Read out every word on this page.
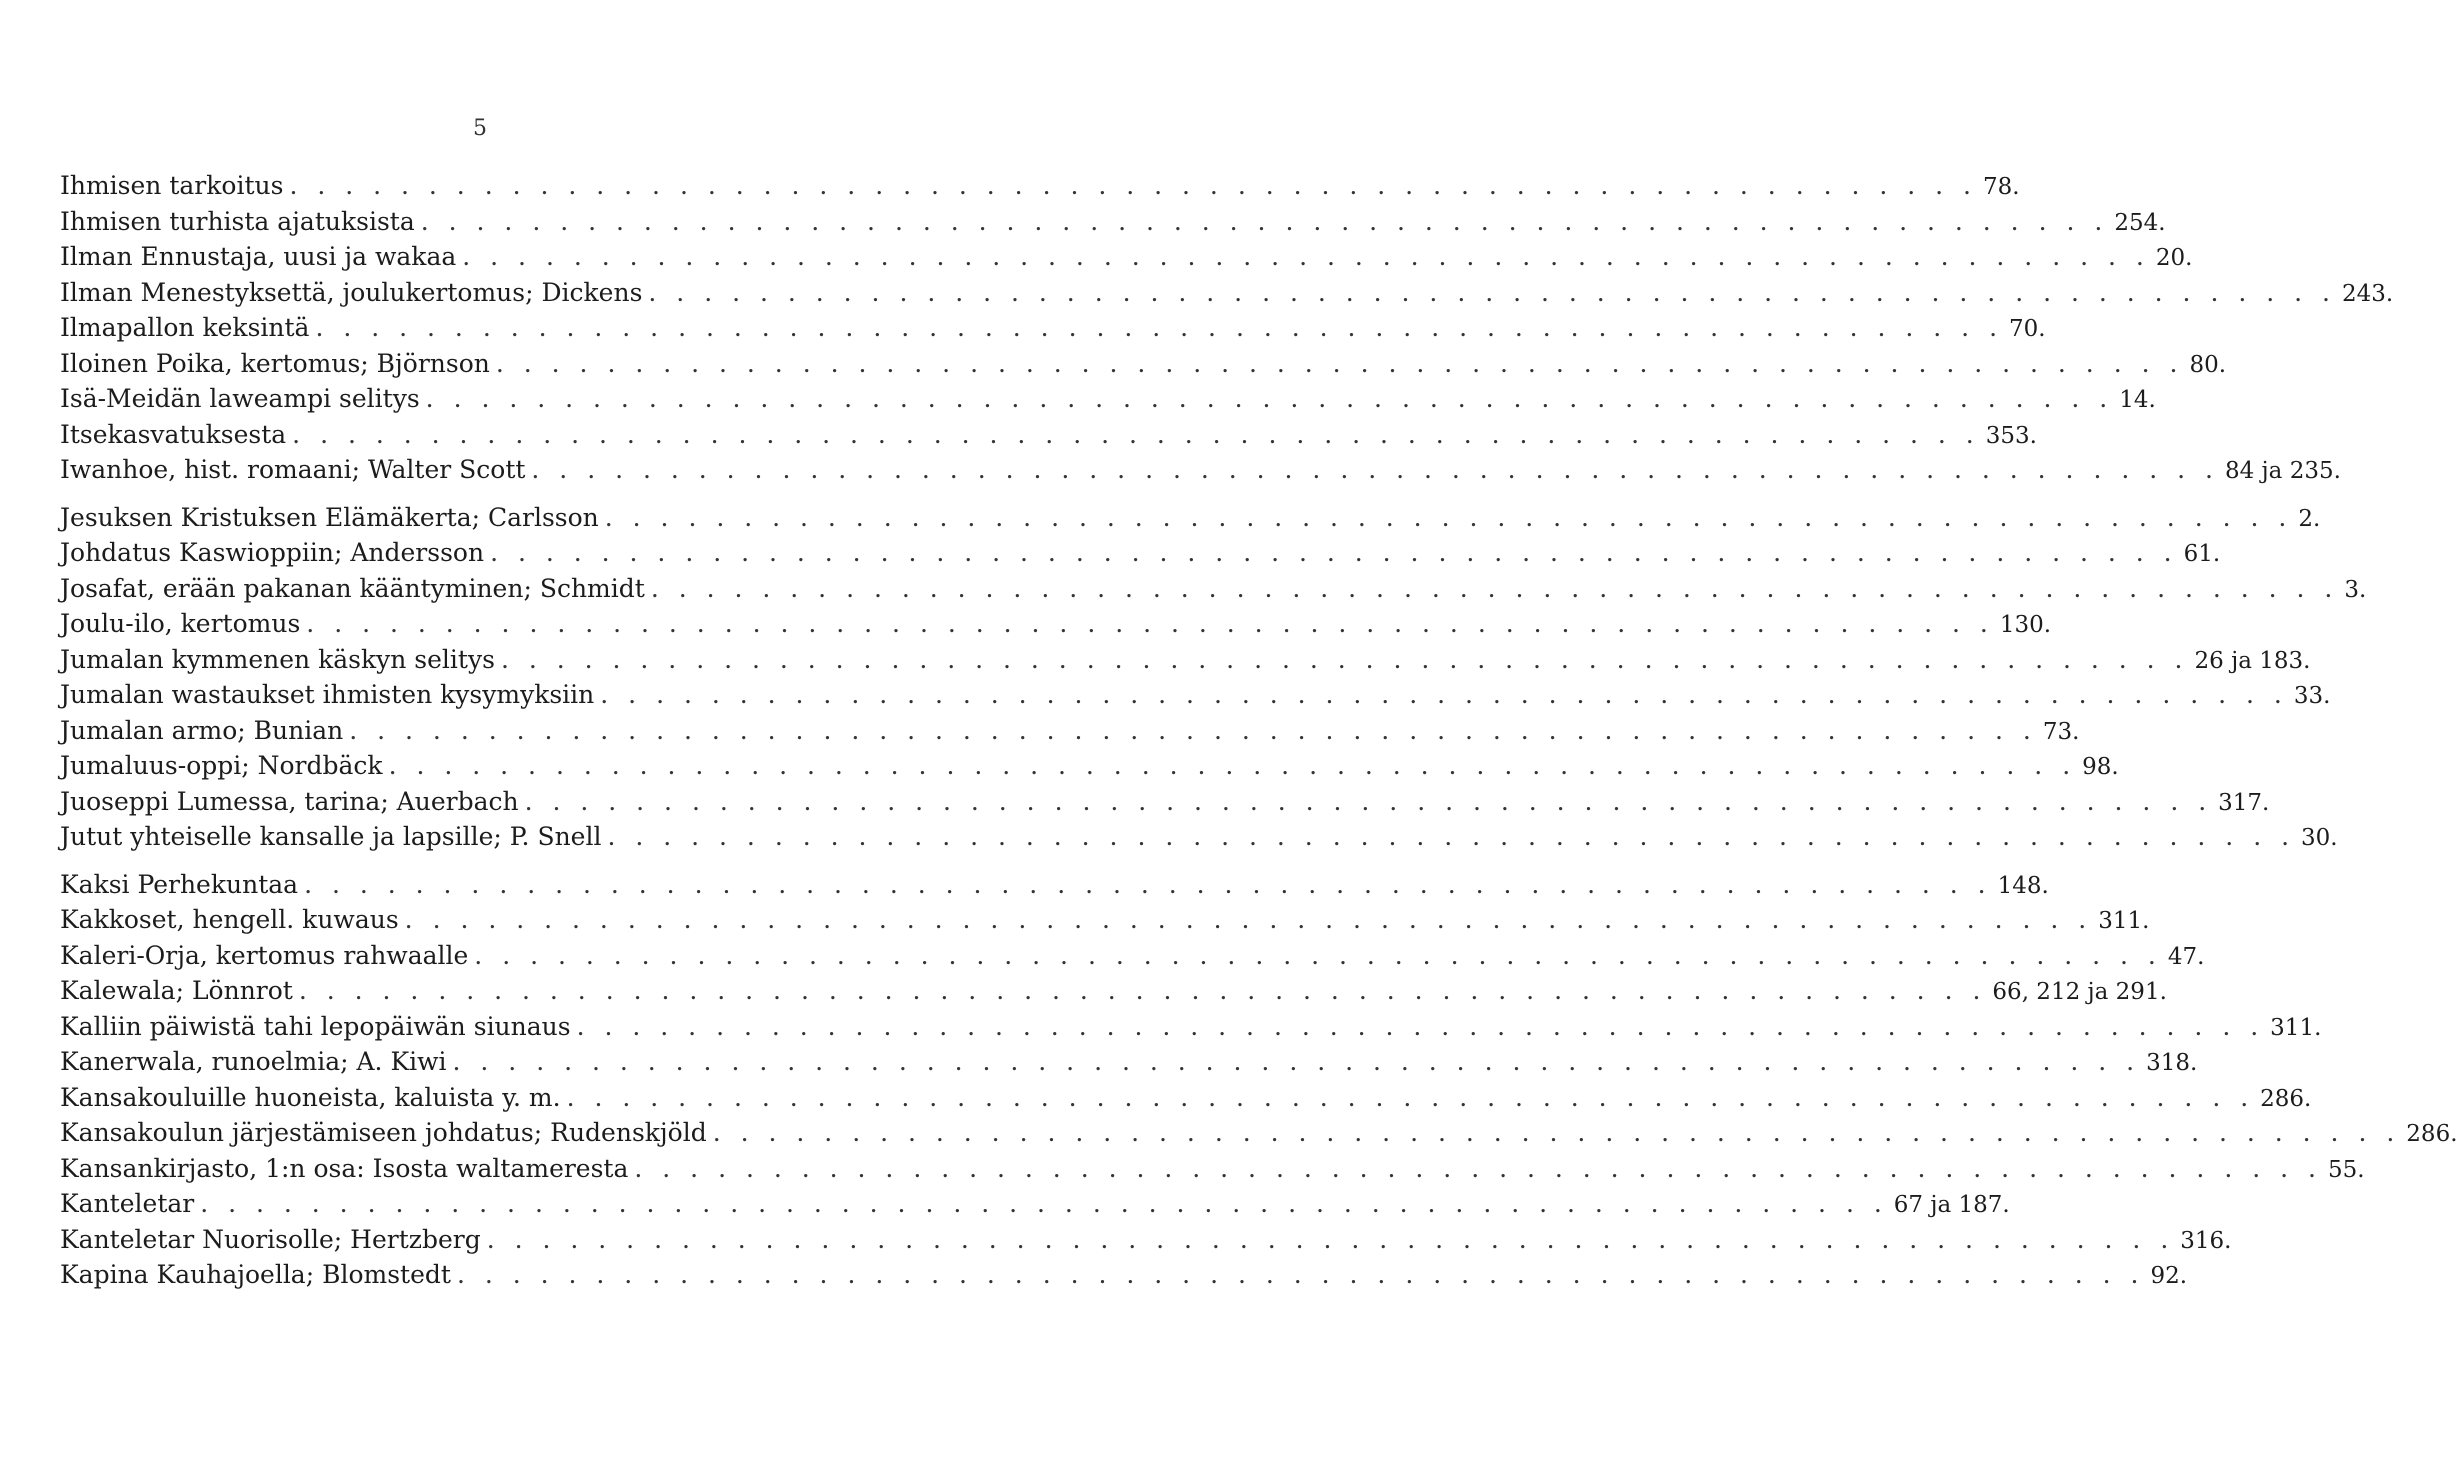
5
Ihmisen tarkoitus . . .	78.
Ihmisen turhista ajatuksista . . .	254.
Ilman Ennustaja, uusi ja wakaa . . .	20.
Ilman Menestyksettä, joulukertomus; Dickens . . .	243.
Ilmapallon keksintä . . .	70.
Iloinen Poika, kertomus; Björnson . . .	80.
Isä-Meidän laweampi selitys . . .	14.
Itsekasvatuksesta . . .	353.
Iwanhoe, hist. romaani; Walter Scott . . .	84 ja 235.
Jesuksen Kristuksen Elämäkerta; Carlsson . . .	2.
Johdatus Kaswioppiin; Andersson . . .	61.
Josafat, erään pakanan kääntyminen; Schmidt . . .	3.
Joulu-ilo, kertomus . . .	130.
Jumalan kymmenen käskyn selitys . . .	26 ja 183.
Jumalan wastaukset ihmisten kysymyksiin . . .	33.
Jumalan armo; Bunian . . .	73.
Jumaluus-oppi; Nordbäck . . .	98.
Juoseppi Lumessa, tarina; Auerbach . . .	317.
Jutut yhteiselle kansalle ja lapsille; P. Snell . . .	30.
Kaksi Perhekuntaa . . .	148.
Kakkoset, hengell. kuwaus . . .	311.
Kaleri-Orja, kertomus rahwaalle . . .	47.
Kalewala; Lönnrot . . .	66, 212 ja 291.
Kalliin päiwistä tahi lepopäiwän siunaus . . .	311.
Kanerwala, runoelmia; A. Kiwi . . .	318.
Kansakouluille huoneista, kaluista y. m. . . .	286.
Kansakoulun järjestämiseen johdatus; Rudenskjöld . . .	286.
Kansankirjasto, 1:n osa: Isosta waltameresta . . .	55.
Kanteletar . . .	67 ja 187.
Kanteletar Nuorisolle; Hertzberg . . .	316.
Kapina Kauhajoella; Blomstedt . . .	92.
